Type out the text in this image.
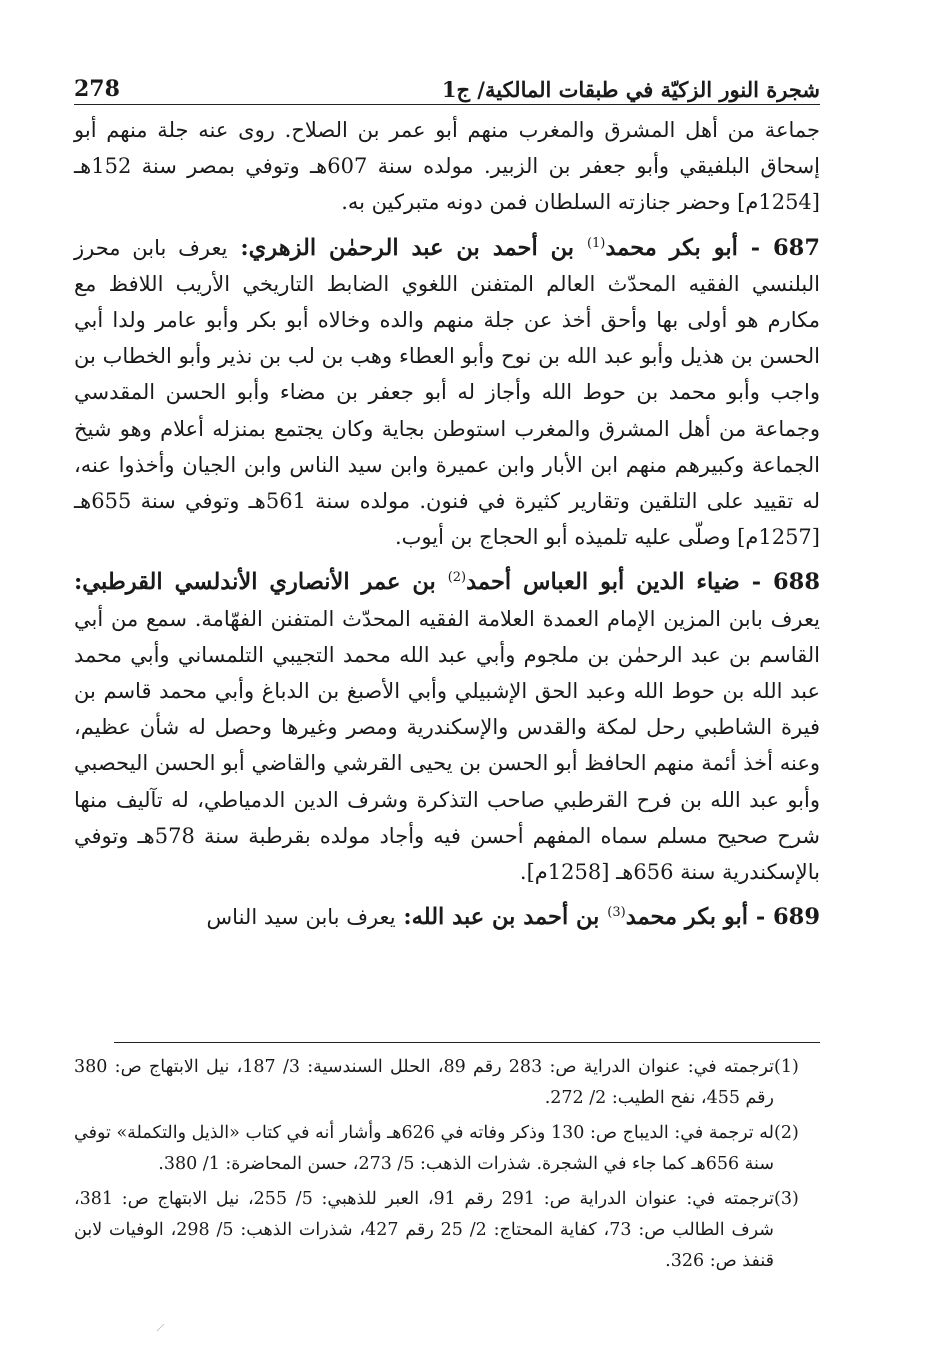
شجرة النور الزكيّة في طبقات المالكية/ ج1
278

جماعة من أهل المشرق والمغرب منهم أبو عمر بن الصلاح. روى عنه جلة منهم أبو إسحاق البلفيقي وأبو جعفر بن الزبير. مولده سنة 607هـ وتوفي بمصر سنة 152هـ [1254م] وحضر جنازته السلطان فمن دونه متبركين به.

687 - أبو بكر محمد$^{(1)}$ بن أحمد بن عبد الرحمٰن الزهري: يعرف بابن محرز البلنسي الفقيه المحدّث العالم المتفنن اللغوي الضابط التاريخي الأريب اللافظ مع مكارم هو أولى بها وأحق أخذ عن جلة منهم والده وخالاه أبو بكر وأبو عامر ولدا أبي الحسن بن هذيل وأبو عبد الله بن نوح وأبو العطاء وهب بن لب بن نذير وأبو الخطاب بن واجب وأبو محمد بن حوط الله وأجاز له أبو جعفر بن مضاء وأبو الحسن المقدسي وجماعة من أهل المشرق والمغرب استوطن بجاية وكان يجتمع بمنزله أعلام وهو شيخ الجماعة وكبيرهم منهم ابن الأبار وابن عميرة وابن سيد الناس وابن الجيان وأخذوا عنه، له تقييد على التلقين وتقارير كثيرة في فنون. مولده سنة 561هـ وتوفي سنة 655هـ [1257م] وصلّى عليه تلميذه أبو الحجاج بن أيوب.

688 - ضياء الدين أبو العباس أحمد$^{(2)}$ بن عمر الأنصاري الأندلسي القرطبي: يعرف بابن المزين الإمام العمدة العلامة الفقيه المحدّث المتفنن الفهّامة. سمع من أبي القاسم بن عبد الرحمٰن بن ملجوم وأبي عبد الله محمد التجيبي التلمساني وأبي محمد عبد الله بن حوط الله وعبد الحق الإشبيلي وأبي الأصبغ بن الدباغ وأبي محمد قاسم بن فيرة الشاطبي رحل لمكة والقدس والإسكندرية ومصر وغيرها وحصل له شأن عظيم، وعنه أخذ أئمة منهم الحافظ أبو الحسن بن يحيى القرشي والقاضي أبو الحسن اليحصبي وأبو عبد الله بن فرح القرطبي صاحب التذكرة وشرف الدين الدمياطي، له تآليف منها شرح صحيح مسلم سماه المفهم أحسن فيه وأجاد مولده بقرطبة سنة 578هـ وتوفي بالإسكندرية سنة 656هـ [1258م].

689 - أبو بكر محمد$^{(3)}$ بن أحمد بن عبد الله: يعرف بابن سيد الناس

(1)
ترجمته في: عنوان الدراية ص: 283 رقم 89، الحلل السندسية: 3/ 187، نيل الابتهاج ص: 380 رقم 455، نفح الطيب: 2/ 272.
(2)
له ترجمة في: الديباج ص: 130 وذكر وفاته في 626هـ وأشار أنه في كتاب «الذيل والتكملة» توفي سنة 656هـ كما جاء في الشجرة. شذرات الذهب: 5/ 273، حسن المحاضرة: 1/ 380.
(3)
ترجمته في: عنوان الدراية ص: 291 رقم 91، العبر للذهبي: 5/ 255، نيل الابتهاج ص: 381، شرف الطالب ص: 73، كفاية المحتاج: 2/ 25 رقم 427، شذرات الذهب: 5/ 298، الوفيات لابن قنفذ ص: 326.
